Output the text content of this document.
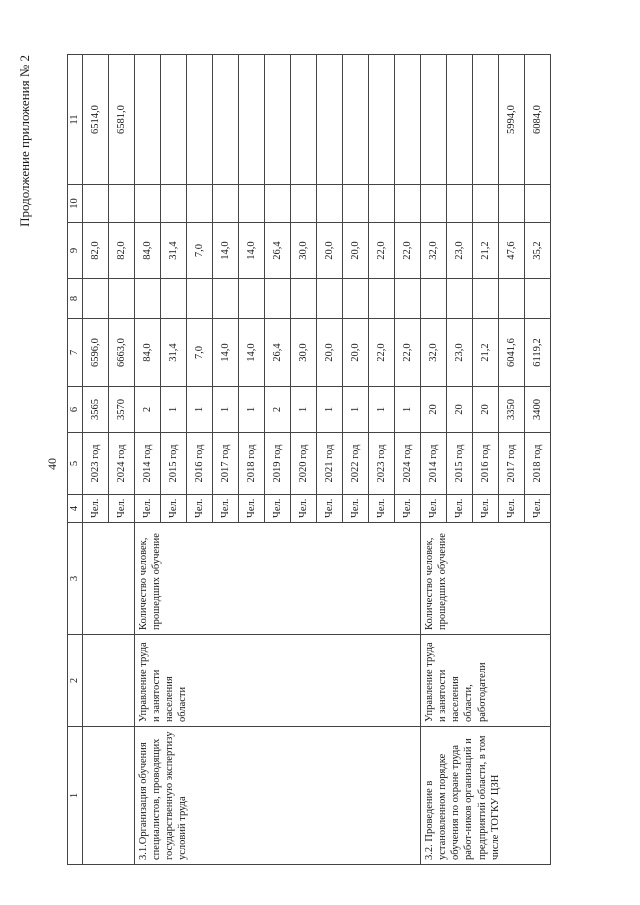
40
Продолжение приложения № 2
1	2	3	4	5	6	7	8	9	10	11
			Чел.	2023 год	3565	6596,0		82,0		6514,0
			Чел.	2024 год	3570	6663,0		82,0		6581,0
3.1.Организация обучения специалистов, проводящих государственную экспертизу условий труда	Управление труда и занятости населения области	Количество человек, прошедших обучение	Чел.	2014 год	2	84,0		84,0		
			Чел.	2015 год	1	31,4		31,4		
			Чел.	2016 год	1	7,0		7,0		
			Чел.	2017 год	1	14,0		14,0		
			Чел.	2018 год	1	14,0		14,0		
			Чел.	2019 год	2	26,4		26,4		
			Чел.	2020 год	1	30,0		30,0		
			Чел.	2021 год	1	20,0		20,0		
			Чел.	2022 год	1	20,0		20,0		
			Чел.	2023 год	1	22,0		22,0		
			Чел.	2024 год	1	22,0		22,0		
3.2. Проведение в установленном порядке обучения по охране труда работ-ников организаций и предприятий области, в том числе ТОГКУ ЦЗН	Управление труда и занятости населения области, работодатели	Количество человек, прошедших обучение	Чел.	2014 год	20	32,0		32,0		
			Чел.	2015 год	20	23,0		23,0		
			Чел.	2016 год	20	21,2		21,2		
			Чел.	2017 год	3350	6041,6		47,6		5994,0
			Чел.	2018 год	3400	6119,2		35,2		6084,0
